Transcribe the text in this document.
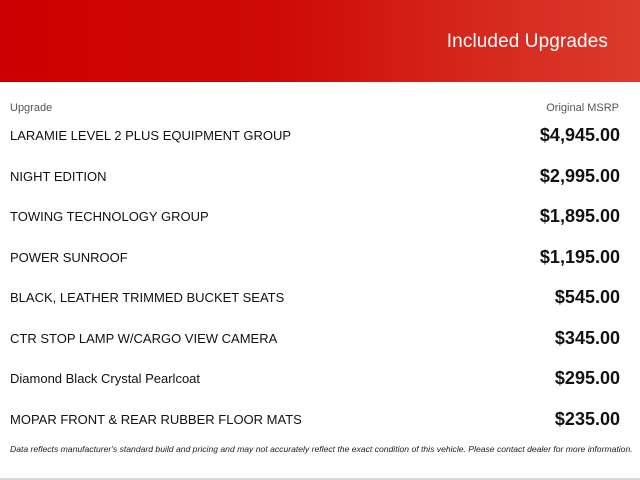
Included Upgrades
Upgrade	Original MSRP
LARAMIE LEVEL 2 PLUS EQUIPMENT GROUP	$4,945.00
NIGHT EDITION	$2,995.00
TOWING TECHNOLOGY GROUP	$1,895.00
POWER SUNROOF	$1,195.00
BLACK, LEATHER TRIMMED BUCKET SEATS	$545.00
CTR STOP LAMP W/CARGO VIEW CAMERA	$345.00
Diamond Black Crystal Pearlcoat	$295.00
MOPAR FRONT & REAR RUBBER FLOOR MATS	$235.00
Data reflects manufacturer's standard build and pricing and may not accurately reflect the exact condition of this vehicle. Please contact dealer for more information.
